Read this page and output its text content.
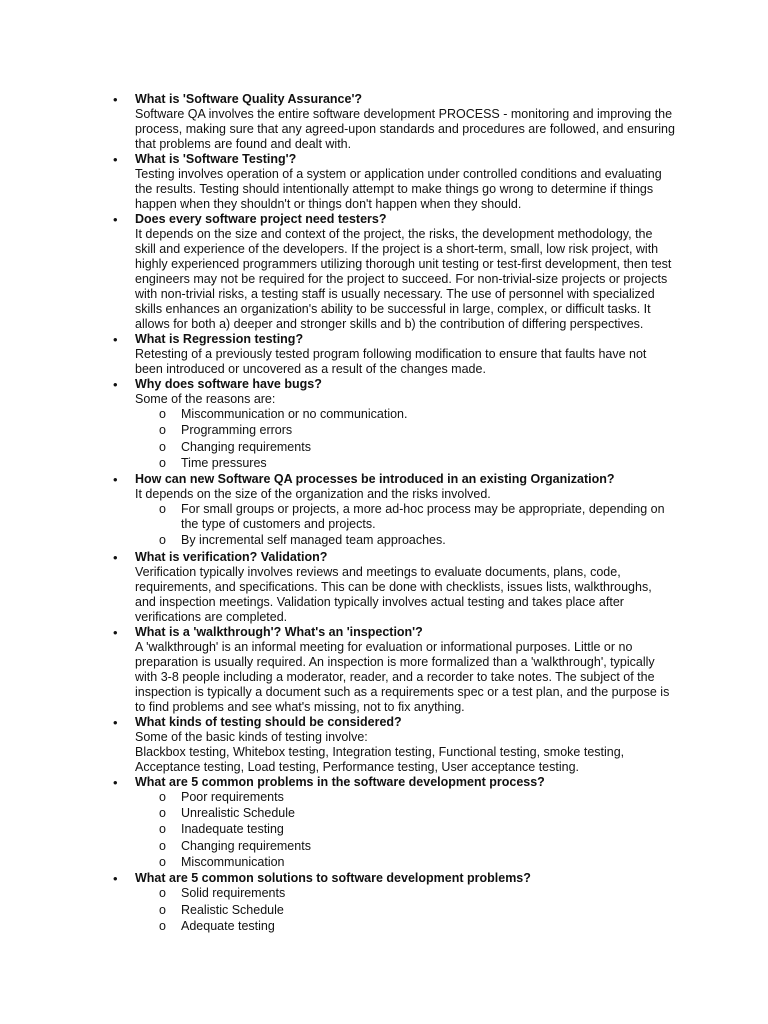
• What is 'Software Quality Assurance'?
Software QA involves the entire software development PROCESS - monitoring and improving the
process, making sure that any agreed-upon standards and procedures are followed, and ensuring
that problems are found and dealt with.
• What is 'Software Testing'?
Testing involves operation of a system or application under controlled conditions and evaluating
the results. Testing should intentionally attempt to make things go wrong to determine if things
happen when they shouldn't or things don't happen when they should.
• Does every software project need testers?
It depends on the size and context of the project, the risks, the development methodology, the
skill and experience of the developers. If the project is a short-term, small, low risk project, with
highly experienced programmers utilizing thorough unit testing or test-first development, then test
engineers may not be required for the project to succeed. For non-trivial-size projects or projects
with non-trivial risks, a testing staff is usually necessary. The use of personnel with specialized
skills enhances an organization's ability to be successful in large, complex, or difficult tasks. It
allows for both a) deeper and stronger skills and b) the contribution of differing perspectives.
• What is Regression testing?
Retesting of a previously tested program following modification to ensure that faults have not
been introduced or uncovered as a result of the changes made.
• Why does software have bugs?
Some of the reasons are:
o Miscommunication or no communication.
o Programming errors
o Changing requirements
o Time pressures
• How can new Software QA processes be introduced in an existing Organization?
It depends on the size of the organization and the risks involved.
o For small groups or projects, a more ad-hoc process may be appropriate, depending on
the type of customers and projects.
o By incremental self managed team approaches.
• What is verification? Validation?
Verification typically involves reviews and meetings to evaluate documents, plans, code,
requirements, and specifications. This can be done with checklists, issues lists, walkthroughs,
and inspection meetings. Validation typically involves actual testing and takes place after
verifications are completed.
• What is a 'walkthrough'? What's an 'inspection'?
A 'walkthrough' is an informal meeting for evaluation or informational purposes. Little or no
preparation is usually required. An inspection is more formalized than a 'walkthrough', typically
with 3-8 people including a moderator, reader, and a recorder to take notes. The subject of the
inspection is typically a document such as a requirements spec or a test plan, and the purpose is
to find problems and see what's missing, not to fix anything.
• What kinds of testing should be considered?
Some of the basic kinds of testing involve:
Blackbox testing, Whitebox testing, Integration testing, Functional testing, smoke testing,
Acceptance testing, Load testing, Performance testing, User acceptance testing.
• What are 5 common problems in the software development process?
o Poor requirements
o Unrealistic Schedule
o Inadequate testing
o Changing requirements
o Miscommunication
• What are 5 common solutions to software development problems?
o Solid requirements
o Realistic Schedule
o Adequate testing
